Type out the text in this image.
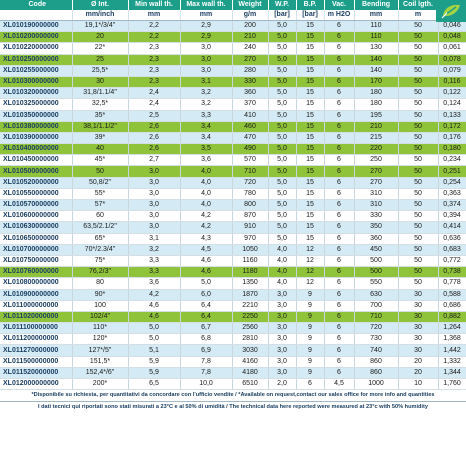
Code	Ø Int.	Min wall th.	Max wall th.	Weight	W.P.	B.P.	Vac.	Bending	Coil lgth.	
	mm/inch	mm	mm	g/m	[bar]	[bar]	m H2O	mm	m	
XL010190000000	19,1*/3/4"	2,2	2,9	200	5,0	15	6	110	50	0,046
XL010200000000	20	2,2	2,9	210	5,0	15	6	110	50	0,048
XL010220000000	22*	2,3	3,0	240	5,0	15	6	130	50	0,061
XL010250000000	25	2,3	3,0	270	5,0	15	6	140	50	0,078
XL010255000000	25,5*	2,3	3,0	280	5,0	15	6	140	50	0,079
XL010300000000	30	2,3	3,1	330	5,0	15	6	170	50	0,116
XL010320000000	31,8/1.1/4"	2,4	3,2	360	5,0	15	6	180	50	0,122
XL010325000000	32,5*	2,4	3,2	370	5,0	15	6	180	50	0,124
XL010350000000	35*	2,5	3,3	410	5,0	15	6	195	50	0,133
XL010380000000	38,1/1.1/2"	2,6	3,4	460	5,0	15	6	210	50	0,172
XL010390000000	39*	2,6	3,4	470	5,0	15	6	215	50	0,176
XL010400000000	40	2,6	3,5	490	5,0	15	6	220	50	0,180
XL010450000000	45*	2,7	3,6	570	5,0	15	6	250	50	0,234
XL010500000000	50	3,0	4,0	710	5,0	15	6	270	50	0,251
XL010520000000	50,8/2"	3,0	4,0	720	5,0	15	6	270	50	0,254
XL010550000000	55*	3,0	4,0	780	5,0	15	6	310	50	0,363
XL010570000000	57*	3,0	4,0	800	5,0	15	6	310	50	0,374
XL010600000000	60	3,0	4,2	870	5,0	15	6	330	50	0,394
XL010630000000	63,5/2.1/2"	3,0	4,2	910	5,0	15	6	350	50	0,414
XL010650000000	65*	3,1	4,3	970	5,0	15	6	360	50	0,636
XL010700000000	70*/2.3/4"	3,2	4,5	1050	4,0	12	6	450	50	0,683
XL010750000000	75*	3,3	4,6	1160	4,0	12	6	500	50	0,772
XL010760000000	76,2/3"	3,3	4,6	1180	4,0	12	6	500	50	0,738
XL010800000000	80	3,6	5,0	1350	4,0	12	6	550	50	0,778
XL010900000000	90*	4,2	6,0	1870	3,0	9	6	630	30	0,588
XL011000000000	100	4,6	6,4	2210	3,0	9	6	700	30	0,686
XL011020000000	102/4"	4,6	6,4	2250	3,0	9	6	710	30	0,882
XL011100000000	110*	5,0	6,7	2560	3,0	9	6	720	30	1,264
XL011200000000	120*	5,0	6,8	2810	3,0	9	6	730	30	1,368
XL011270000000	127*/5"	5,1	6,9	3030	3,0	9	6	740	30	1,442
XL011500000000	151,5*	5,9	7,8	4160	3,0	9	6	860	20	1,332
XL011520000000	152,4*/6"	5,9	7,8	4180	3,0	9	6	860	20	1,344
XL012000000000	200*	6,5	10,0	6510	2,0	6	4,5	1000	10	1,760
*Disponibile su richiesta, per quantitativi da concordare con l'ufficio vendite / *Available on request,contact our sales office for more info and quantities
I dati tecnici qui riportati sono stati misurati a 23°C e al 50% di umidità / The technical data here reported were measured at 23°c with 50% humidity
